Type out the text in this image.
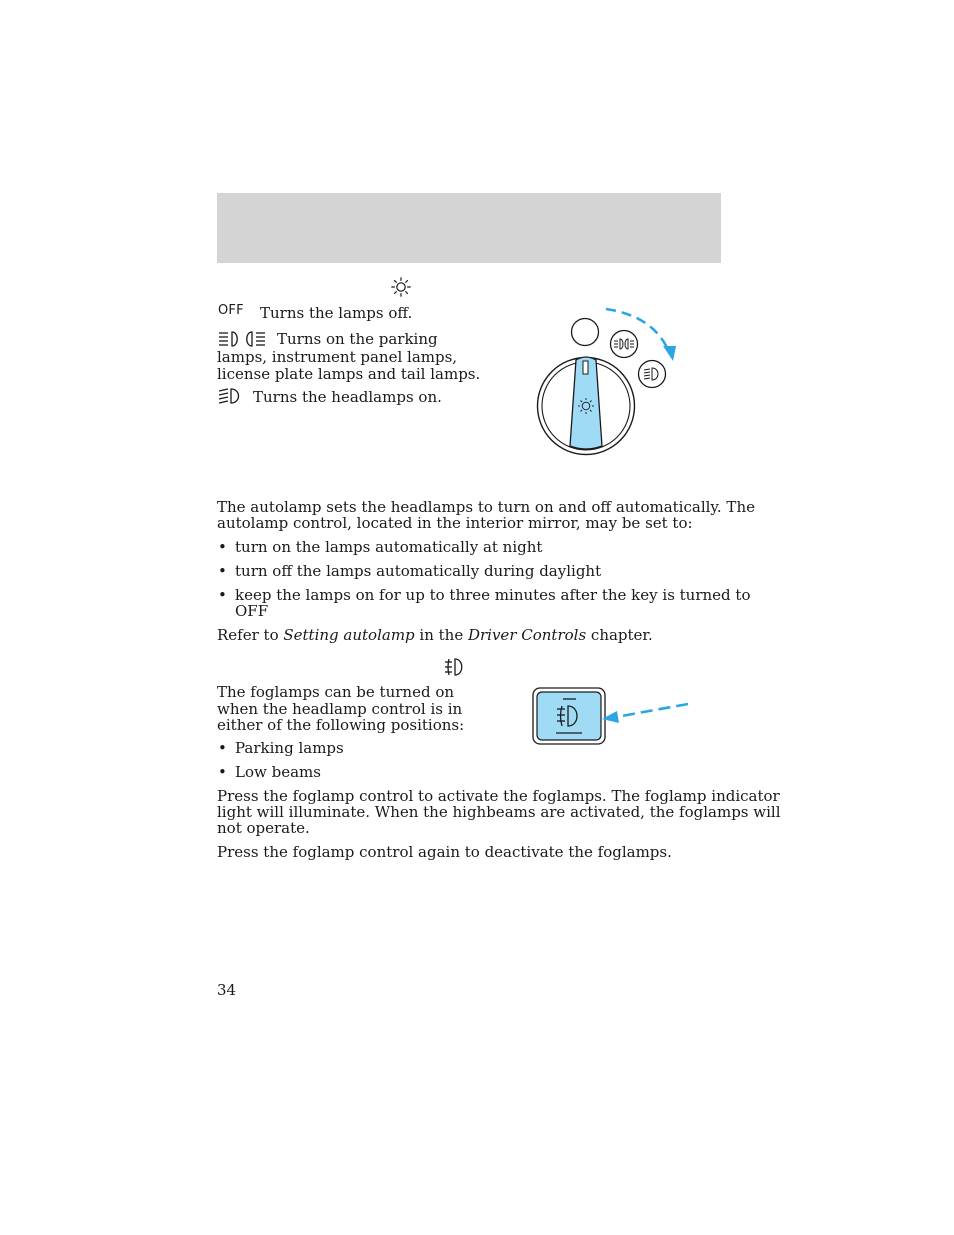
OFF Turns the lamps off.
Turns on the parking
lamps, instrument panel lamps,
license plate lamps and tail lamps.
Turns the headlamps on.
The autolamp sets the headlamps to turn on and off automatically. The
autolamp control, located in the interior mirror, may be set to:
• turn on the lamps automatically at night
• turn off the lamps automatically during daylight
• keep the lamps on for up to three minutes after the key is turned to
OFF
Refer to Setting autolamp in the Driver Controls chapter.
The foglamps can be turned on
when the headlamp control is in
either of the following positions:
• Parking lamps
• Low beams
Press the foglamp control to activate the foglamps. The foglamp indicator
light will illuminate. When the highbeams are activated, the foglamps will
not operate.
Press the foglamp control again to deactivate the foglamps.
34
